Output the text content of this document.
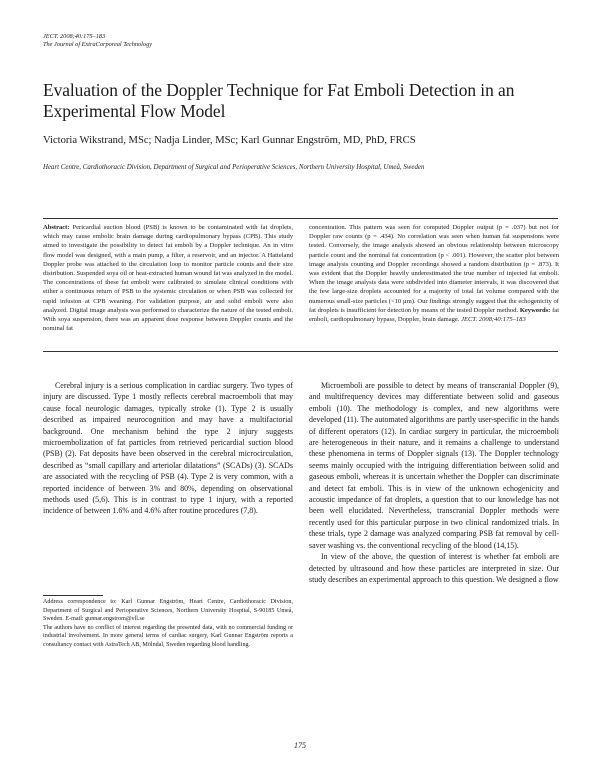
JECT. 2008;40:175–183
The Journal of ExtraCorporeal Technology
Evaluation of the Doppler Technique for Fat Emboli Detection in an Experimental Flow Model
Victoria Wikstrand, MSc; Nadja Linder, MSc; Karl Gunnar Engström, MD, PhD, FRCS
Heart Centre, Cardiothoracic Division, Department of Surgical and Perioperative Sciences, Northern University Hospital, Umeå, Sweden
Abstract: Pericardial suction blood (PSB) is known to be contaminated with fat droplets, which may cause embolic brain damage during cardiopulmonary bypass (CPB). This study aimed to investigate the possibility to detect fat emboli by a Doppler technique. An in vitro flow model was designed, with a main pump, a filter, a reservoir, and an injector. A Hatteland Doppler probe was attached to the circulation loop to monitor particle counts and their size distribution. Suspended soya oil or heat-extracted human wound fat was analyzed in the model. The concentrations of these fat emboli were calibrated to simulate clinical conditions with either a continuous return of PSB to the systemic circulation or when PSB was collected for rapid infusion at CPB weaning. For validation purpose, air and solid emboli were also analyzed. Digital image analysis was performed to characterize the nature of the tested emboli. With soya suspension, there was an apparent dose response between Doppler counts and the nominal fat
concentration. This pattern was seen for computed Doppler output (p = .037) but not for Doppler raw counts (p = .434). No correlation was seen when human fat suspensions were tested. Conversely, the image analysis showed an obvious relationship between microscopy particle count and the nominal fat concentration (p < .001). However, the scatter plot between image analysis counting and Doppler recordings showed a random distribution (p = .873). It was evident that the Doppler heavily underestimated the true number of injected fat emboli. When the image analysis data were subdivided into diameter intervals, it was discovered that the few large-size droplets accounted for a majority of total fat volume compared with the numerous small-size particles (<10 µm). Our findings strongly suggest that the echogenicity of fat droplets is insufficient for detection by means of the tested Doppler method. Keywords: fat emboli, cardiopulmonary bypass, Doppler, brain damage. JECT. 2008;40:175–183

Cerebral injury is a serious complication in cardiac surgery. Two types of injury are discussed. Type 1 mostly reflects cerebral macroemboli that may cause focal neurologic damages, typically stroke (1). Type 2 is usually described as impaired neurocognition and may have a multifactorial background. One mechanism behind the type 2 injury suggests microembolization of fat particles from retrieved pericardial suction blood (PSB) (2). Fat deposits have been observed in the cerebral microcirculation, described as “small capillary and arteriolar dilatations” (SCADs) (3). SCADs are associated with the recycling of PSB (4). Type 2 is very common, with a reported incidence of between 3% and 80%, depending on observational methods used (5,6). This is in contrast to type 1 injury, with a reported incidence of between 1.6% and 4.6% after routine procedures (7,8).

Address correspondence to: Karl Gunnar Engström, Heart Centre, Cardiothoracic Division, Department of Surgical and Perioperative Sciences, Northern University Hospital, S-90185 Umeå, Sweden. E-mail: gunnar.engstrom@vll.se
The authors have no conflict of interest regarding the presented data, with no commercial funding or industrial involvement. In more general terms of cardiac surgery, Karl Gunnar Engström reports a consultancy contact with AstraTech AB, Mölndal, Sweden regarding blood handling.

Microemboli are possible to detect by means of transcranial Doppler (9), and multifrequency devices may differentiate between solid and gaseous emboli (10). The methodology is complex, and new algorithms were developed (11). The automated algorithms are partly user-specific in the hands of different operators (12). In cardiac surgery in particular, the microemboli are heterogeneous in their nature, and it remains a challenge to understand these phenomena in terms of Doppler signals (13). The Doppler technology seems mainly occupied with the intriguing differentiation between solid and gaseous emboli, whereas it is uncertain whether the Doppler can discriminate and detect fat emboli. This is in view of the unknown echogenicity and acoustic impedance of fat droplets, a question that to our knowledge has not been well elucidated. Nevertheless, transcranial Doppler methods were recently used for this particular purpose in two clinical randomized trials. In these trials, type 2 damage was analyzed comparing PSB fat removal by cell-saver washing vs. the conventional recycling of the blood (14,15).

In view of the above, the question of interest is whether fat emboli are detected by ultrasound and how these particles are interpreted in size. Our study describes an experimental approach to this question. We designed a flow

175
